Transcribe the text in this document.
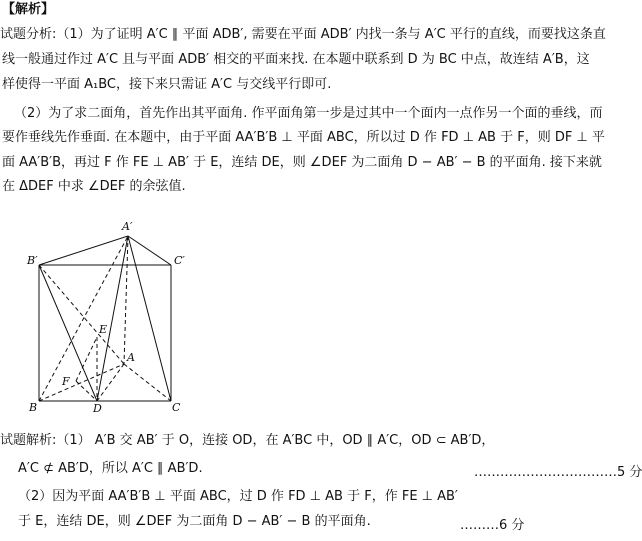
【解析】
试题分析:（1）为了证明 A′C ∥ 平面 ADB′, 需要在平面 ADB′ 内找一条与 A′C 平行的直线，而要找这条直
线一般通过作过 A′C 且与平面 ADB′ 相交的平面来找. 在本题中联系到 D 为 BC 中点，故连结 A′B，这
样使得一平面 A₁BC，接下来只需证 A′C 与交线平行即可.
（2）为了求二面角，首先作出其平面角. 作平面角第一步是过其中一个面内一点作另一个面的垂线，而
要作垂线先作垂面. 在本题中，由于平面 AA′B′B ⊥ 平面 ABC，所以过 D 作 FD ⊥ AB 于 F，则 DF ⊥ 平
面 AA′B′B，再过 F 作 FE ⊥ AB′ 于 E，连结 DE，则 ∠DEF 为二面角 D − AB′ − B 的平面角. 接下来就
在 ΔDEF 中求 ∠DEF 的余弦值.
A′
B′	C′
E
A
F
B	D	C
试题解析:（1） A′B 交 AB′ 于 O，连接 OD，在 A′BC 中，OD ∥ A′C，OD ⊂ AB′D，
A′C ⊄ AB′D，所以 A′C ∥ AB′D.	……………………………5 分
（2）因为平面 AA′B′B ⊥ 平面 ABC，过 D 作 FD ⊥ AB 于 F，作 FE ⊥ AB′
于 E，连结 DE，则 ∠DEF 为二面角 D − AB′ − B 的平面角.	………6 分
